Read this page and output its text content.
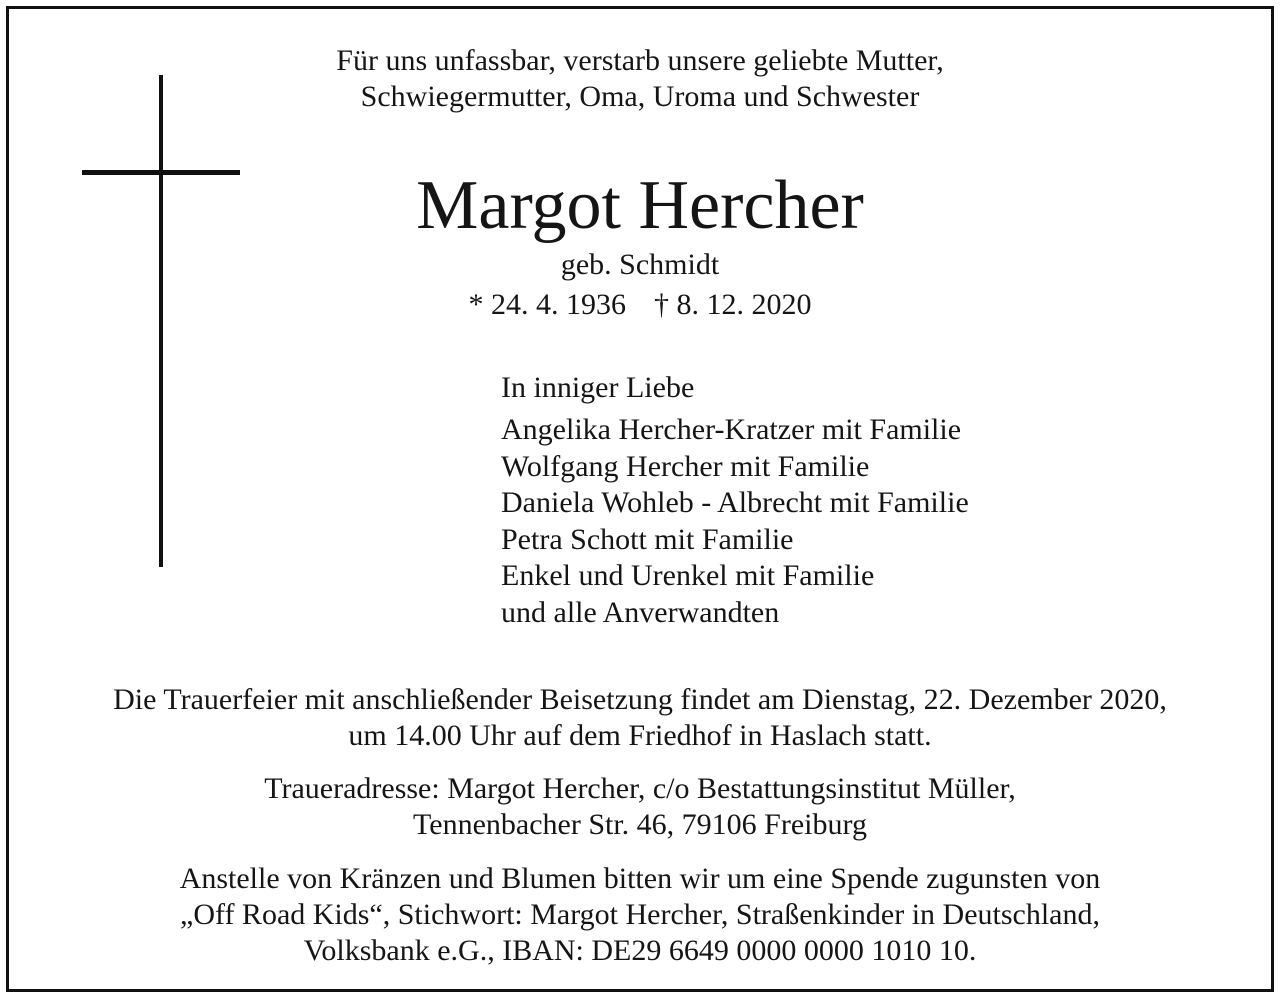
Für uns unfassbar, verstarb unsere geliebte Mutter,
Schwiegermutter, Oma, Uroma und Schwester
Margot Hercher
geb. Schmidt
* 24. 4. 1936 † 8. 12. 2020
In inniger Liebe
Angelika Hercher-Kratzer mit Familie
Wolfgang Hercher mit Familie
Daniela Wohleb - Albrecht mit Familie
Petra Schott mit Familie
Enkel und Urenkel mit Familie
und alle Anverwandten
Die Trauerfeier mit anschließender Beisetzung findet am Dienstag, 22. Dezember 2020,
um 14.00 Uhr auf dem Friedhof in Haslach statt.
Traueradresse: Margot Hercher, c/o Bestattungsinstitut Müller,
Tennenbacher Str. 46, 79106 Freiburg
Anstelle von Kränzen und Blumen bitten wir um eine Spende zugunsten von
„Off Road Kids“, Stichwort: Margot Hercher, Straßenkinder in Deutschland,
Volksbank e.G., IBAN: DE29 6649 0000 0000 1010 10.
